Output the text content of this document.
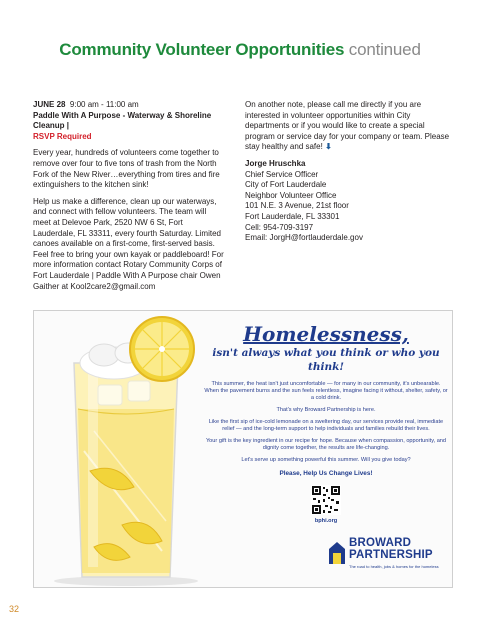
Community Volunteer Opportunities continued
JUNE 28 9:00 am - 11:00 am
Paddle With A Purpose - Waterway & Shoreline Cleanup |
RSVP Required

Every year, hundreds of volunteers come together to remove over four to five tons of trash from the North Fork of the New River…everything from tires and fire extinguishers to the kitchen sink!

Help us make a difference, clean up our waterways, and connect with fellow volunteers. The team will meet at Delevoe Park, 2520 NW 6 St, Fort Lauderdale, FL 33311, every fourth Saturday. Limited canoes available on a first-come, first-served basis. Feel free to bring your own kayak or paddleboard! For more information contact Rotary Community Corps of Fort Lauderdale | Paddle With A Purpose chair Owen Gaither at Kool2care2@gmail.com

On another note, please call me directly if you are interested in volunteer opportunities within City departments or if you would like to create a special program or service day for your company or team. Please stay healthy and safe! ⬇

Jorge Hruschka
Chief Service Officer
City of Fort Lauderdale
Neighbor Volunteer Office
101 N.E. 3 Avenue, 21st floor
Fort Lauderdale, FL 33301
Cell: 954-709-3197
Email: JorgH@fortlauderdale.gov
Homelessness,
isn't always what you think or who you think!

This summer, the heat isn't just uncomfortable — for many in our community, it's unbearable. When the pavement burns and the sun feels relentless, imagine facing it without, shelter, safety, or a cold drink.

That's why Broward Partnership is here.

Like the first sip of ice-cold lemonade on a sweltering day, our services provide real, immediate relief — and the long-term support to help individuals and families rebuild their lives.

Your gift is the key ingredient in our recipe for hope. Because when compassion, opportunity, and dignity come together, the results are life-changing.

Let's serve up something powerful this summer. Will you give today?

Please, Help Us Change Lives!
bphi.org
BROWARD
PARTNERSHIP
The road to health, jobs & homes for the homeless
32
